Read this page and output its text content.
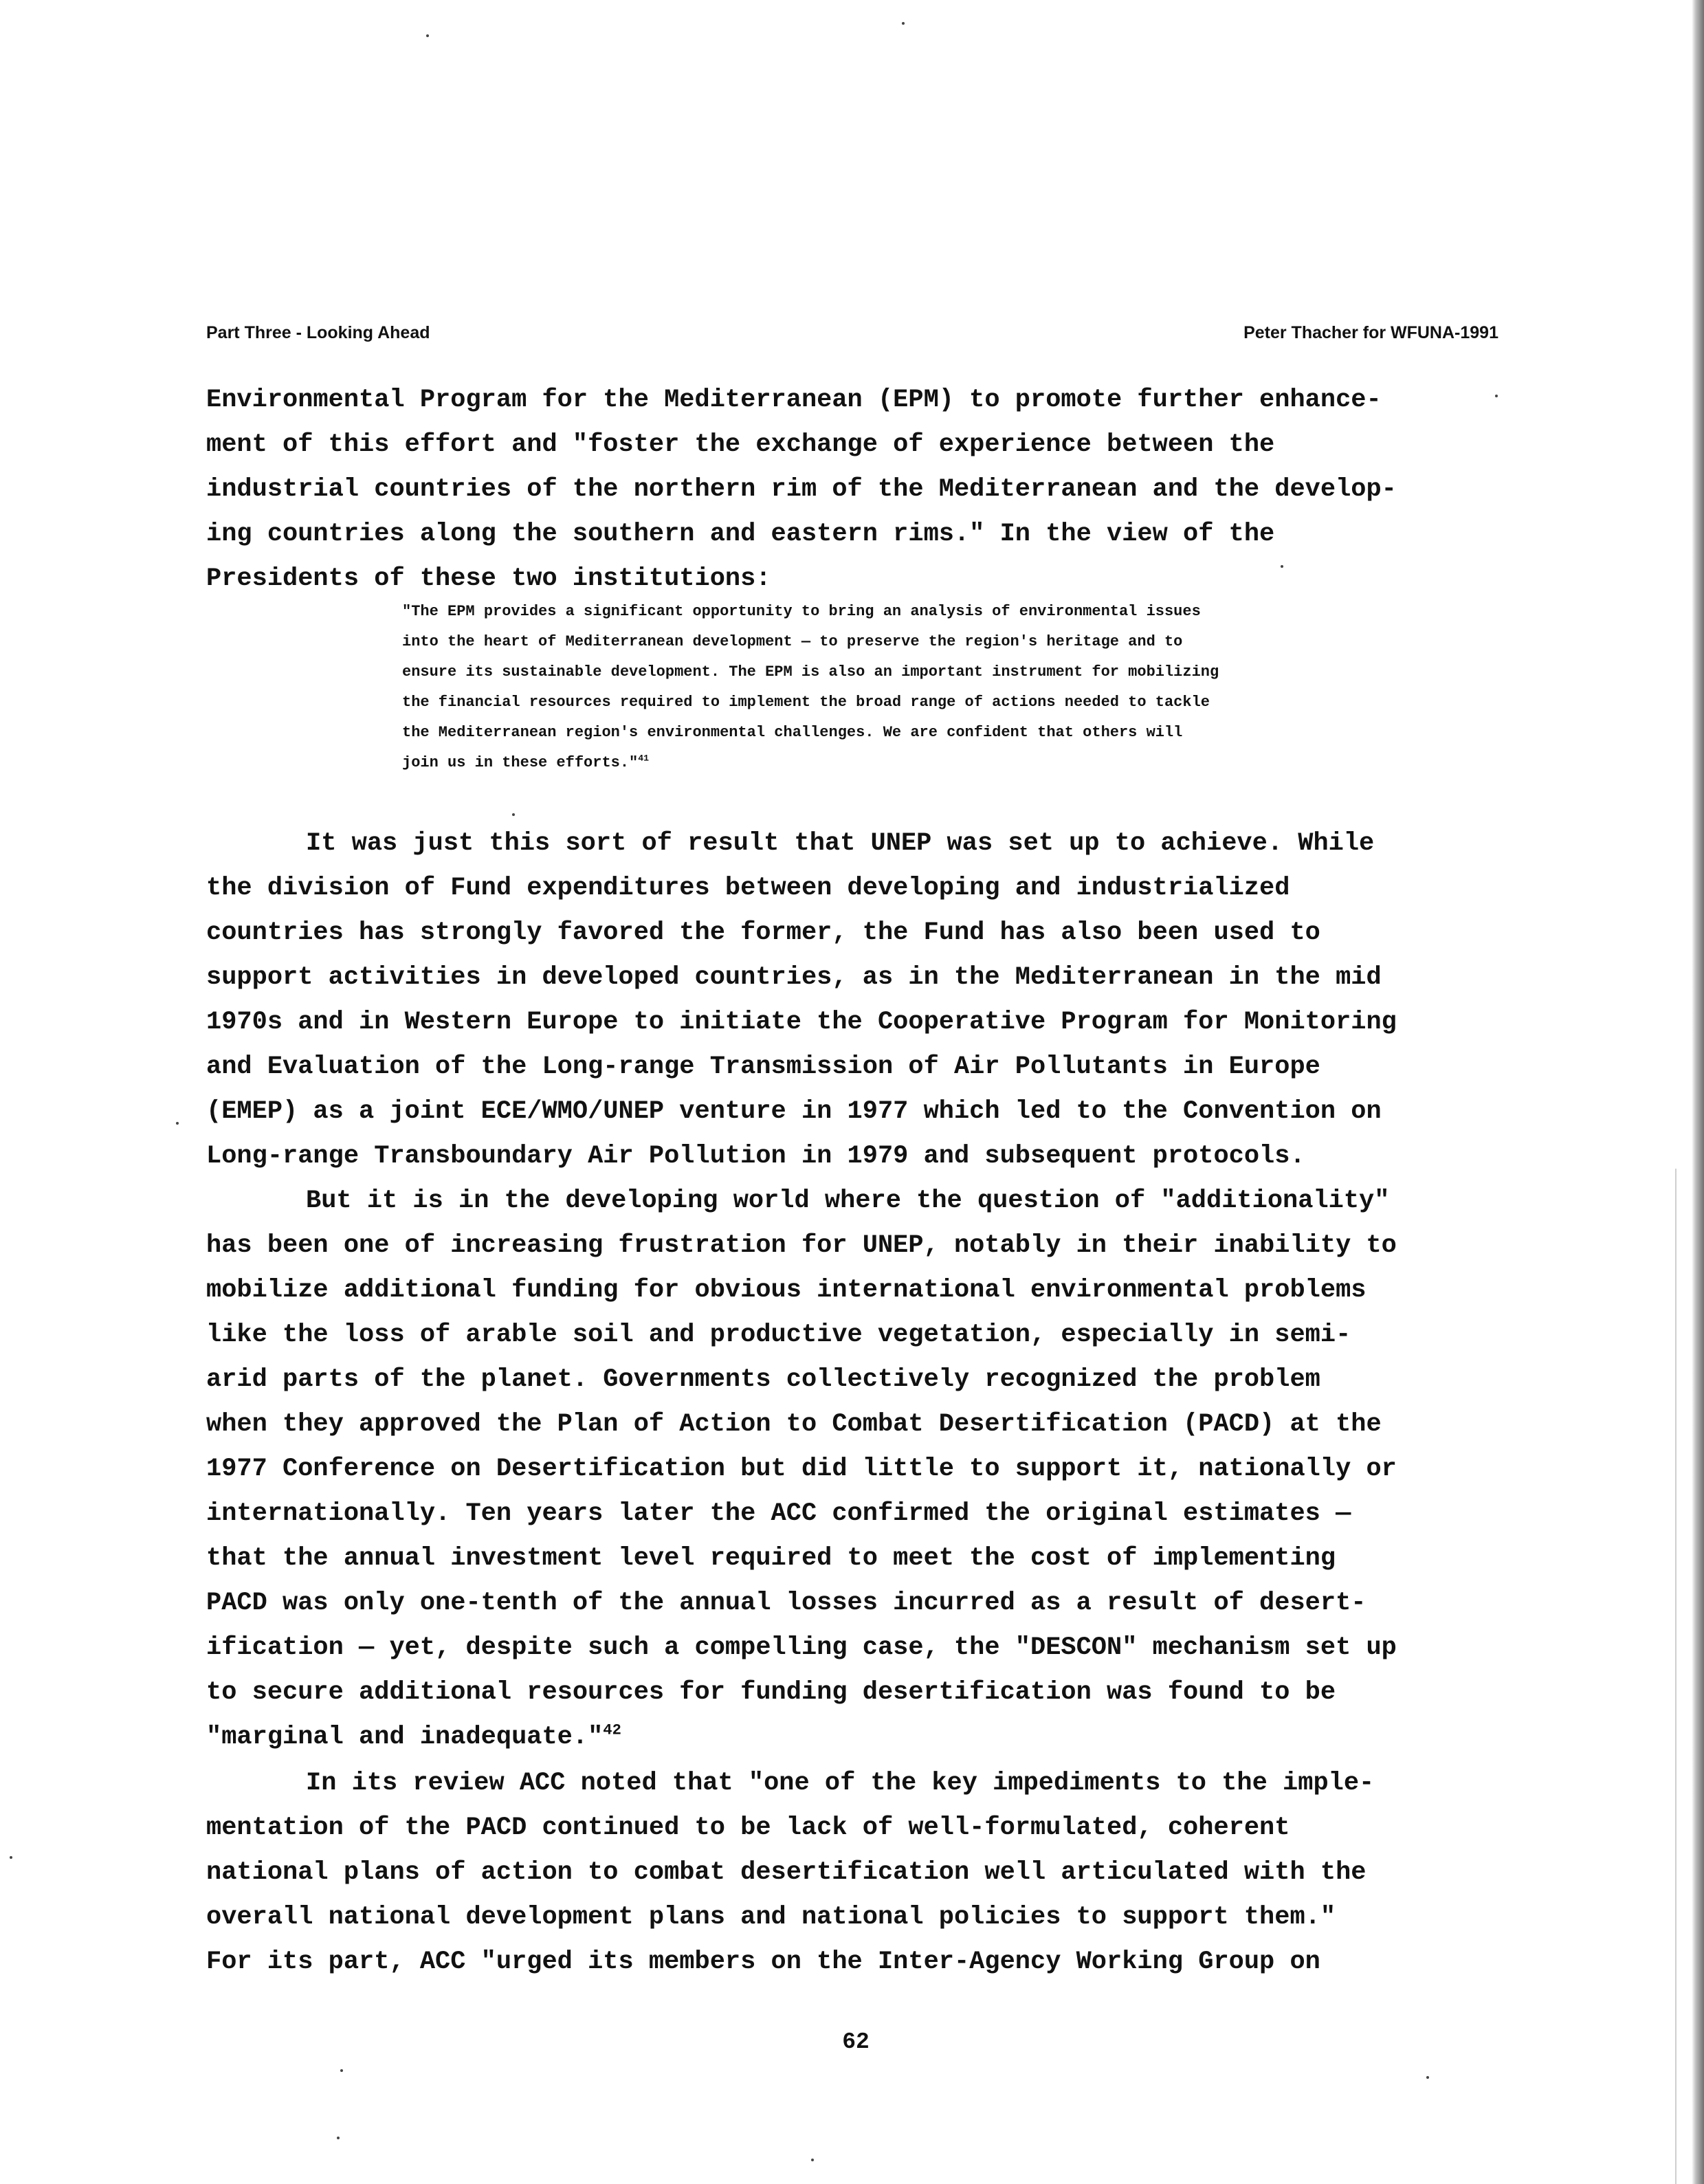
Part Three - Looking Ahead	Peter Thacher for WFUNA-1991
Environmental Program for the Mediterranean (EPM) to promote further enhance-
ment of this effort and "foster the exchange of experience between the
industrial countries of the northern rim of the Mediterranean and the develop-
ing countries along the southern and eastern rims." In the view of the
Presidents of these two institutions:
"The EPM provides a significant opportunity to bring an analysis of environmental issues
into the heart of Mediterranean development — to preserve the region's heritage and to
ensure its sustainable development. The EPM is also an important instrument for mobilizing
the financial resources required to implement the broad range of actions needed to tackle
the Mediterranean region's environmental challenges. We are confident that others will
join us in these efforts."$^{41}$
It was just this sort of result that UNEP was set up to achieve. While
the division of Fund expenditures between developing and industrialized
countries has strongly favored the former, the Fund has also been used to
support activities in developed countries, as in the Mediterranean in the mid
1970s and in Western Europe to initiate the Cooperative Program for Monitoring
and Evaluation of the Long-range Transmission of Air Pollutants in Europe
(EMEP) as a joint ECE/WMO/UNEP venture in 1977 which led to the Convention on
Long-range Transboundary Air Pollution in 1979 and subsequent protocols.
But it is in the developing world where the question of "additionality"
has been one of increasing frustration for UNEP, notably in their inability to
mobilize additional funding for obvious international environmental problems
like the loss of arable soil and productive vegetation, especially in semi-
arid parts of the planet. Governments collectively recognized the problem
when they approved the Plan of Action to Combat Desertification (PACD) at the
1977 Conference on Desertification but did little to support it, nationally or
internationally. Ten years later the ACC confirmed the original estimates —
that the annual investment level required to meet the cost of implementing
PACD was only one-tenth of the annual losses incurred as a result of desert-
ification — yet, despite such a compelling case, the "DESCON" mechanism set up
to secure additional resources for funding desertification was found to be
"marginal and inadequate."$^{42}$
In its review ACC noted that "one of the key impediments to the imple-
mentation of the PACD continued to be lack of well-formulated, coherent
national plans of action to combat desertification well articulated with the
overall national development plans and national policies to support them."
For its part, ACC "urged its members on the Inter-Agency Working Group on
62
